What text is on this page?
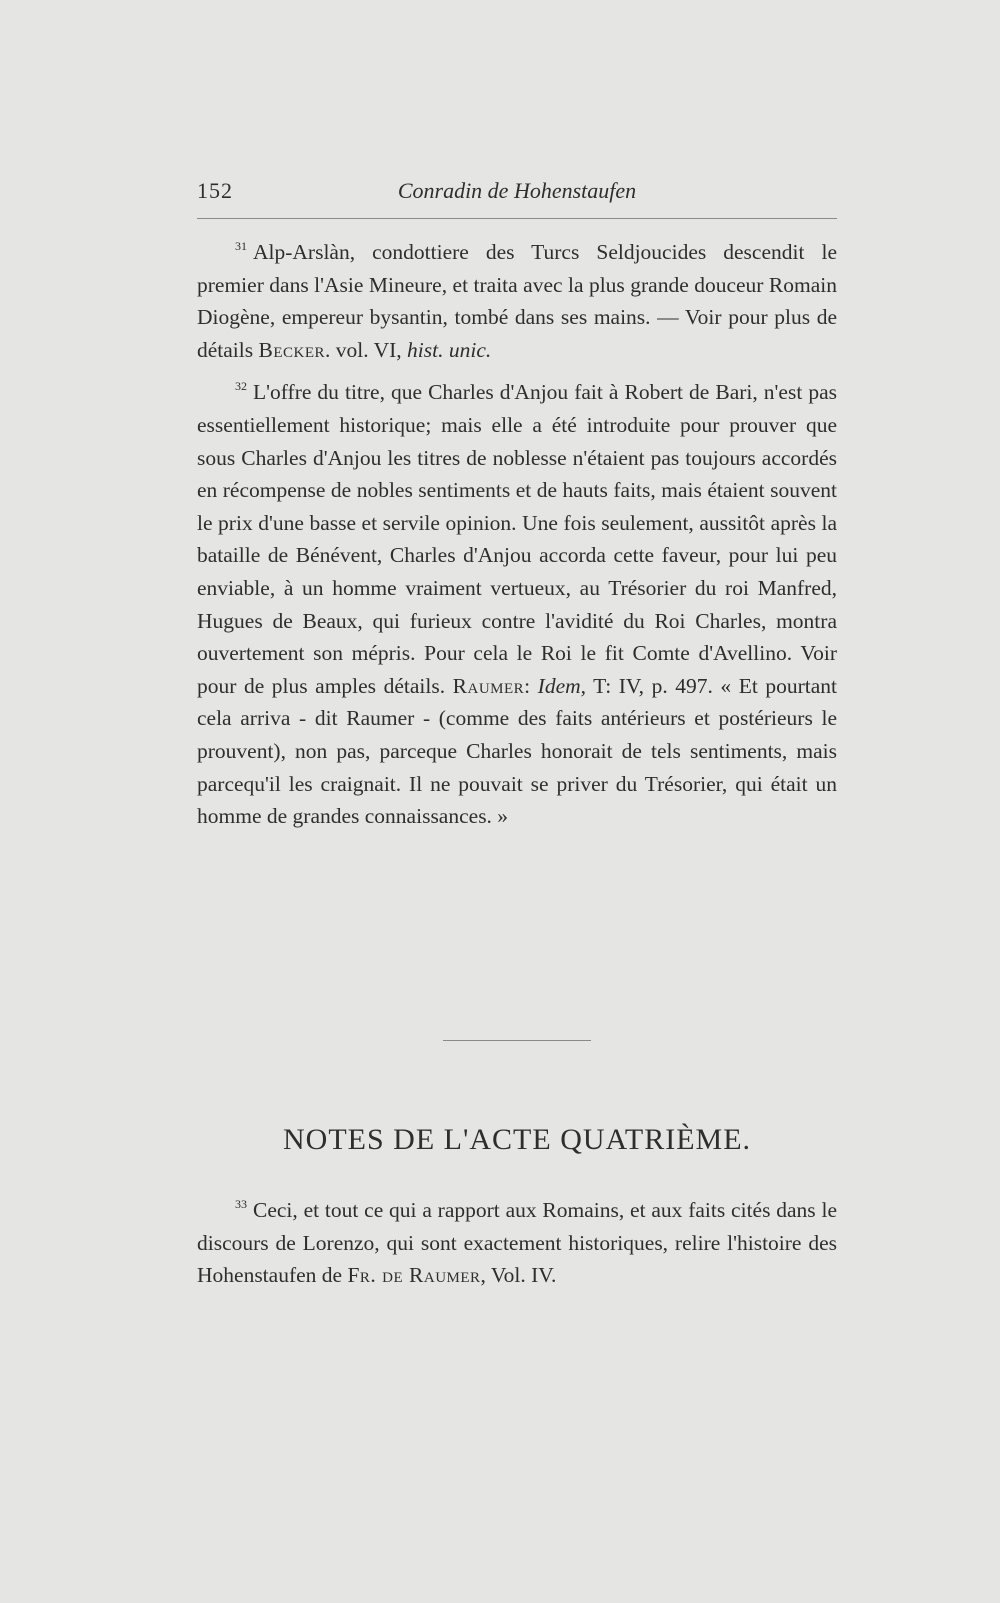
152	Conradin de Hohenstaufen

$^{31}$ Alp-Arslàn, condottiere des Turcs Seldjoucides descendit le premier dans l'Asie Mineure, et traita avec la plus grande douceur Romain Diogène, empereur bysantin, tombé dans ses mains. — Voir pour plus de détails Becker. vol. VI, hist. unic.

$^{32}$ L'offre du titre, que Charles d'Anjou fait à Robert de Bari, n'est pas essentiellement historique; mais elle a été introduite pour prouver que sous Charles d'Anjou les titres de noblesse n'étaient pas toujours accordés en récompense de nobles sentiments et de hauts faits, mais étaient souvent le prix d'une basse et servile opinion. Une fois seulement, aussitôt après la bataille de Bénévent, Charles d'Anjou accorda cette faveur, pour lui peu enviable, à un homme vraiment vertueux, au Trésorier du roi Manfred, Hugues de Beaux, qui furieux contre l'avidité du Roi Charles, montra ouvertement son mépris. Pour cela le Roi le fit Comte d'Avellino. Voir pour de plus amples détails. Raumer: Idem, T: IV, p. 497. « Et pourtant cela arriva - dit Raumer - (comme des faits antérieurs et postérieurs le prouvent), non pas, parceque Charles honorait de tels sentiments, mais parcequ'il les craignait. Il ne pouvait se priver du Trésorier, qui était un homme de grandes connaissances. »

NOTES DE L'ACTE QUATRIÈME.

$^{33}$ Ceci, et tout ce qui a rapport aux Romains, et aux faits cités dans le discours de Lorenzo, qui sont exactement historiques, relire l'histoire des Hohenstaufen de Fr. de Raumer, Vol. IV.
